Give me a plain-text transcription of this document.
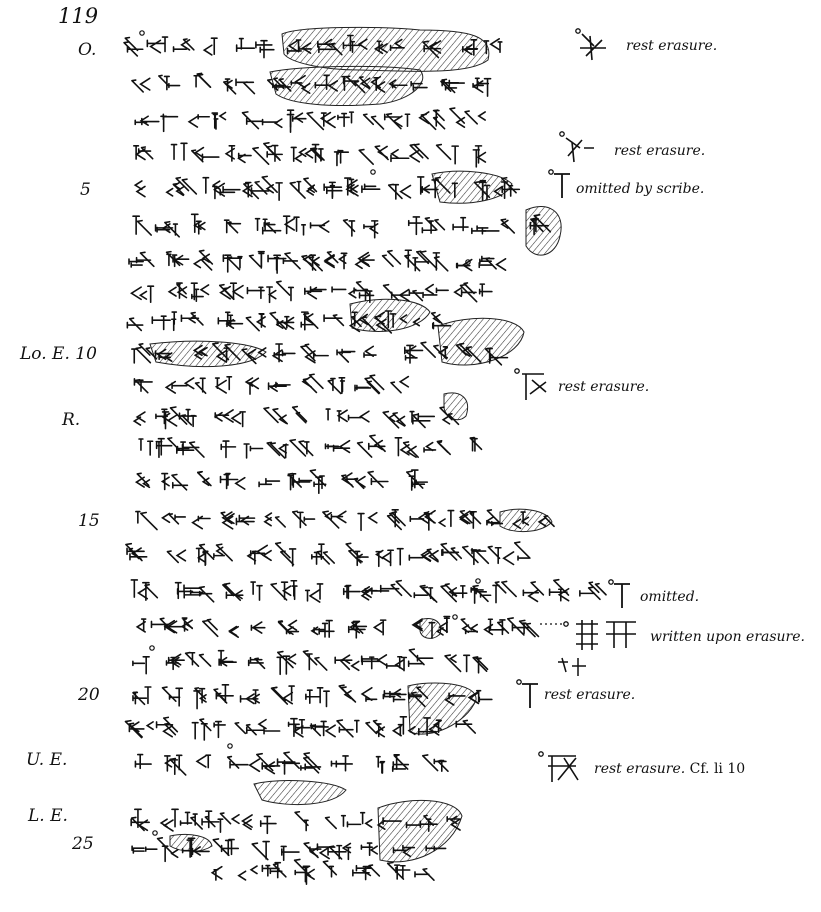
119
O.
5
Lo. E. 10
R.
15
20
U. E.
L. E.
25
rest erasure.
rest erasure.
omitted by scribe.
rest erasure.
omitted.
written upon erasure.
rest erasure.
rest erasure. Cf. li 10
